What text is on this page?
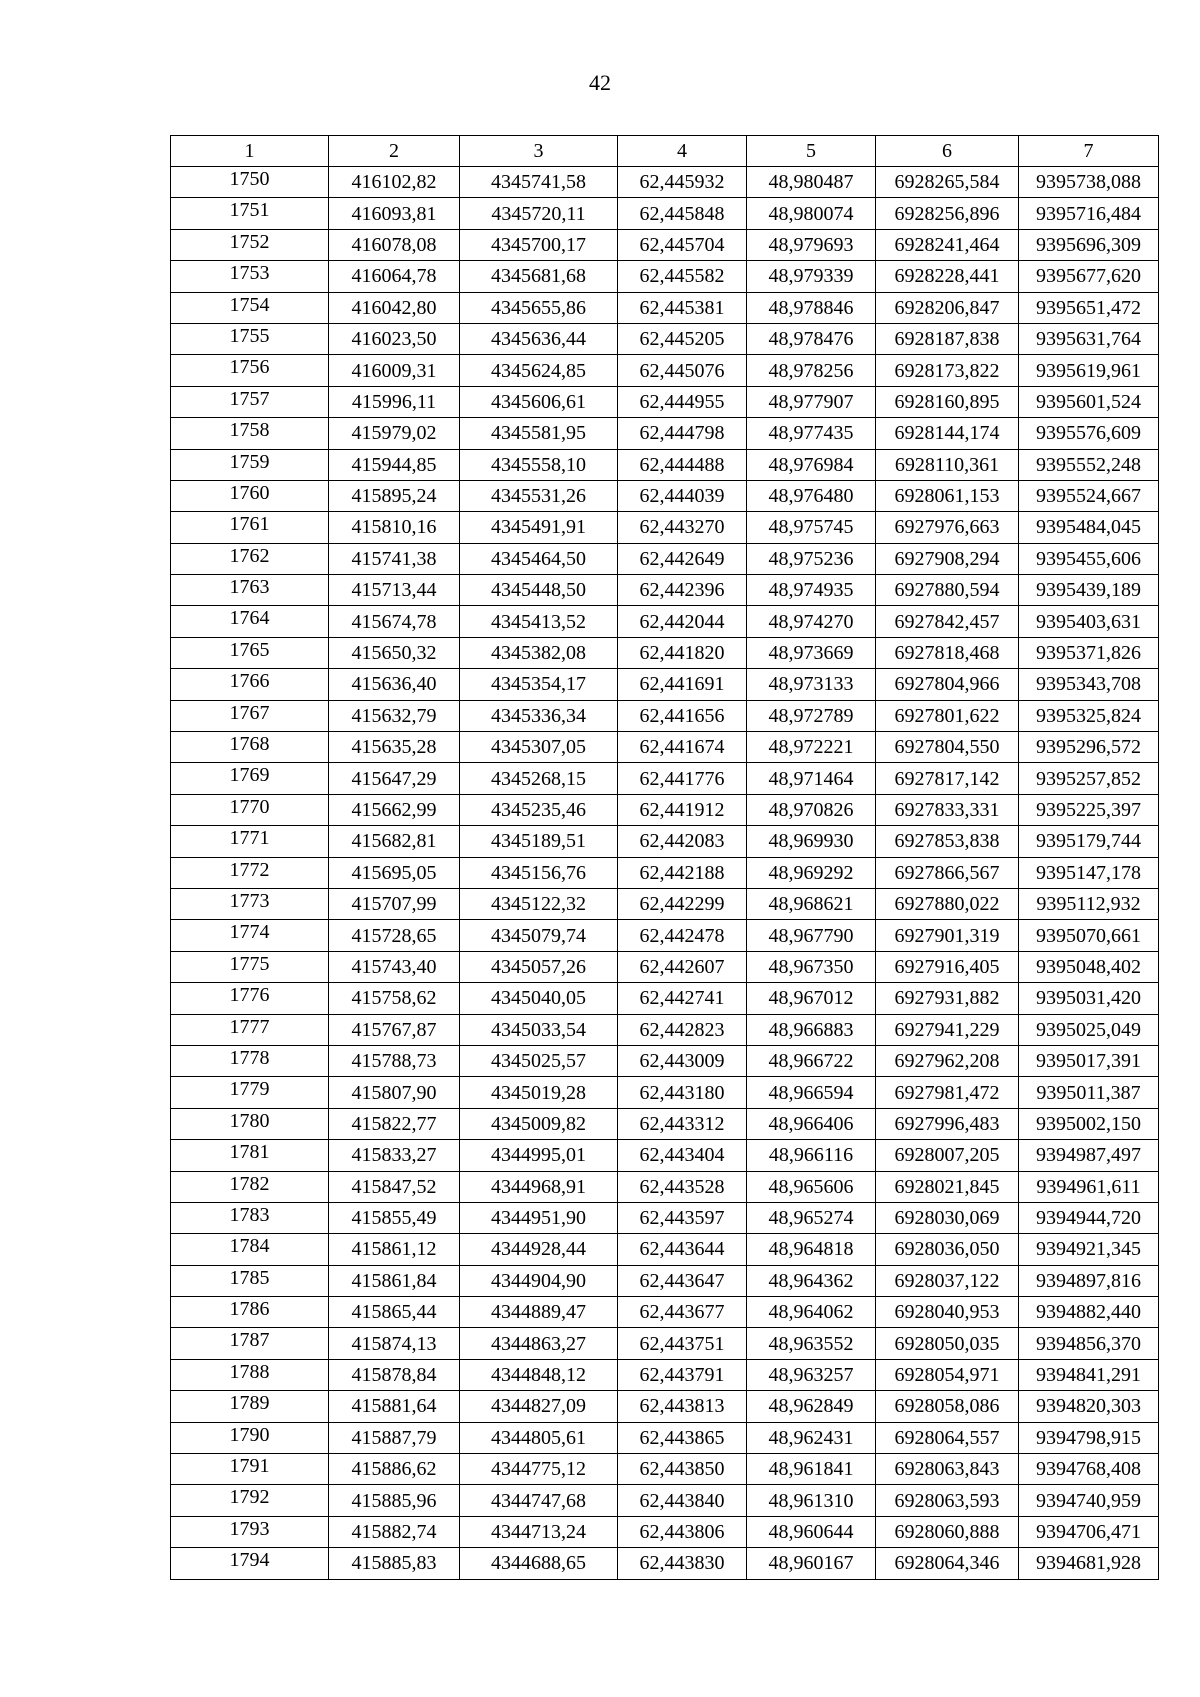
42
1	2	3	4	5	6	7
1750	416102,82	4345741,58	62,445932	48,980487	6928265,584	9395738,088
1751	416093,81	4345720,11	62,445848	48,980074	6928256,896	9395716,484
1752	416078,08	4345700,17	62,445704	48,979693	6928241,464	9395696,309
1753	416064,78	4345681,68	62,445582	48,979339	6928228,441	9395677,620
1754	416042,80	4345655,86	62,445381	48,978846	6928206,847	9395651,472
1755	416023,50	4345636,44	62,445205	48,978476	6928187,838	9395631,764
1756	416009,31	4345624,85	62,445076	48,978256	6928173,822	9395619,961
1757	415996,11	4345606,61	62,444955	48,977907	6928160,895	9395601,524
1758	415979,02	4345581,95	62,444798	48,977435	6928144,174	9395576,609
1759	415944,85	4345558,10	62,444488	48,976984	6928110,361	9395552,248
1760	415895,24	4345531,26	62,444039	48,976480	6928061,153	9395524,667
1761	415810,16	4345491,91	62,443270	48,975745	6927976,663	9395484,045
1762	415741,38	4345464,50	62,442649	48,975236	6927908,294	9395455,606
1763	415713,44	4345448,50	62,442396	48,974935	6927880,594	9395439,189
1764	415674,78	4345413,52	62,442044	48,974270	6927842,457	9395403,631
1765	415650,32	4345382,08	62,441820	48,973669	6927818,468	9395371,826
1766	415636,40	4345354,17	62,441691	48,973133	6927804,966	9395343,708
1767	415632,79	4345336,34	62,441656	48,972789	6927801,622	9395325,824
1768	415635,28	4345307,05	62,441674	48,972221	6927804,550	9395296,572
1769	415647,29	4345268,15	62,441776	48,971464	6927817,142	9395257,852
1770	415662,99	4345235,46	62,441912	48,970826	6927833,331	9395225,397
1771	415682,81	4345189,51	62,442083	48,969930	6927853,838	9395179,744
1772	415695,05	4345156,76	62,442188	48,969292	6927866,567	9395147,178
1773	415707,99	4345122,32	62,442299	48,968621	6927880,022	9395112,932
1774	415728,65	4345079,74	62,442478	48,967790	6927901,319	9395070,661
1775	415743,40	4345057,26	62,442607	48,967350	6927916,405	9395048,402
1776	415758,62	4345040,05	62,442741	48,967012	6927931,882	9395031,420
1777	415767,87	4345033,54	62,442823	48,966883	6927941,229	9395025,049
1778	415788,73	4345025,57	62,443009	48,966722	6927962,208	9395017,391
1779	415807,90	4345019,28	62,443180	48,966594	6927981,472	9395011,387
1780	415822,77	4345009,82	62,443312	48,966406	6927996,483	9395002,150
1781	415833,27	4344995,01	62,443404	48,966116	6928007,205	9394987,497
1782	415847,52	4344968,91	62,443528	48,965606	6928021,845	9394961,611
1783	415855,49	4344951,90	62,443597	48,965274	6928030,069	9394944,720
1784	415861,12	4344928,44	62,443644	48,964818	6928036,050	9394921,345
1785	415861,84	4344904,90	62,443647	48,964362	6928037,122	9394897,816
1786	415865,44	4344889,47	62,443677	48,964062	6928040,953	9394882,440
1787	415874,13	4344863,27	62,443751	48,963552	6928050,035	9394856,370
1788	415878,84	4344848,12	62,443791	48,963257	6928054,971	9394841,291
1789	415881,64	4344827,09	62,443813	48,962849	6928058,086	9394820,303
1790	415887,79	4344805,61	62,443865	48,962431	6928064,557	9394798,915
1791	415886,62	4344775,12	62,443850	48,961841	6928063,843	9394768,408
1792	415885,96	4344747,68	62,443840	48,961310	6928063,593	9394740,959
1793	415882,74	4344713,24	62,443806	48,960644	6928060,888	9394706,471
1794	415885,83	4344688,65	62,443830	48,960167	6928064,346	9394681,928
